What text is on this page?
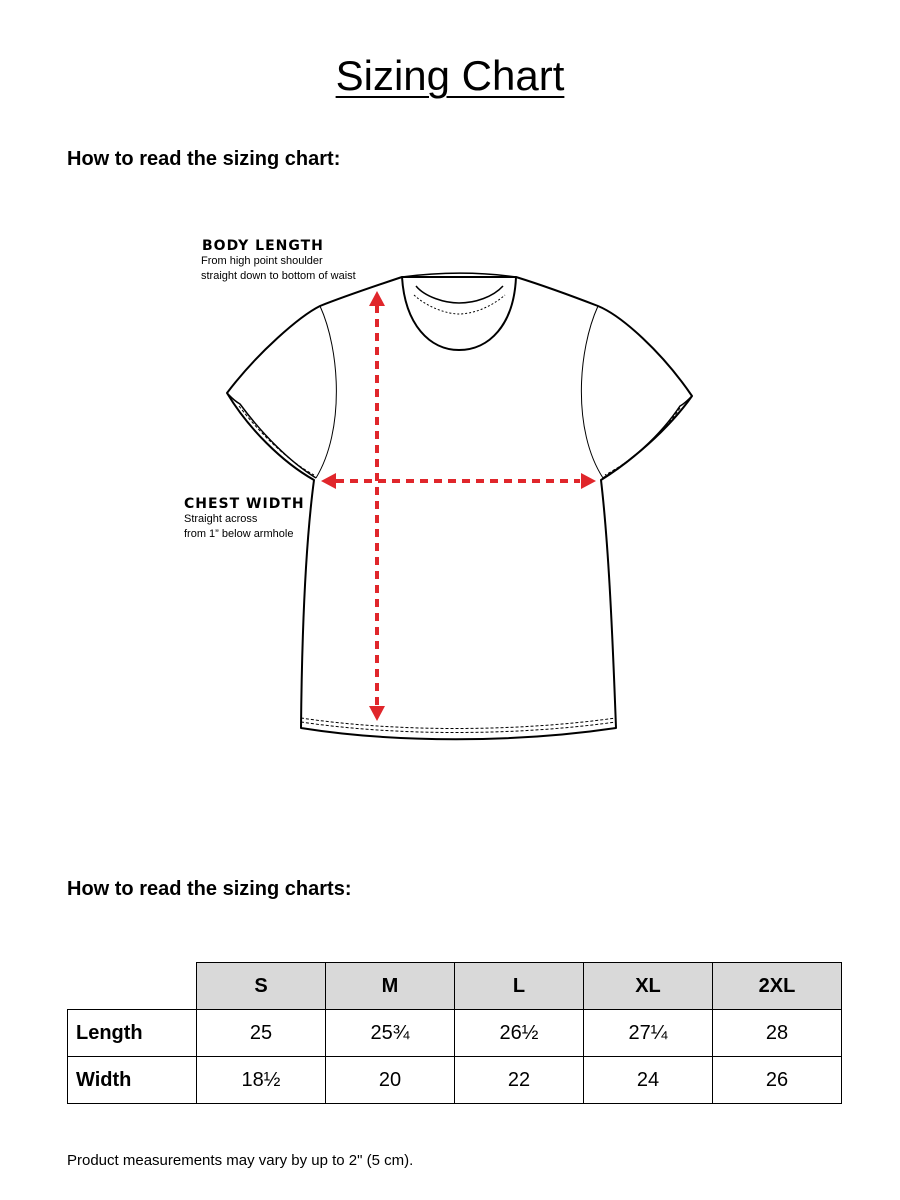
Sizing Chart
How to read the sizing chart:
BODY LENGTH
From high point shoulder
straight down to bottom of waist
CHEST WIDTH
Straight across
from 1” below armhole
How to read the sizing charts:
	S	M	L	XL	2XL
Length	25	25¾	26½	27¼	28
Width	18½	20	22	24	26
Product measurements may vary by up to 2" (5 cm).
